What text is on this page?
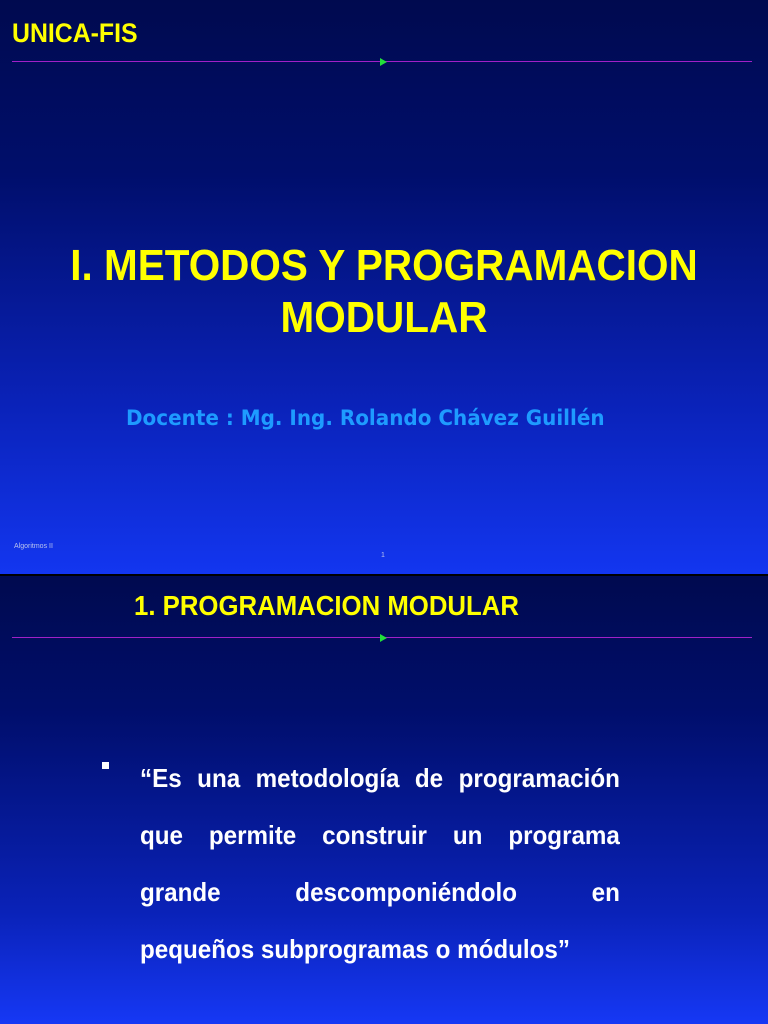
UNICA-FIS
I. METODOS Y PROGRAMACION
MODULAR
Docente : Mg. Ing. Rolando Chávez Guillén
Algoritmos II
1
1. PROGRAMACION MODULAR
“Es una metodología de programación
que permite construir un programa
grande descomponiéndolo en
pequeños subprogramas o módulos”
